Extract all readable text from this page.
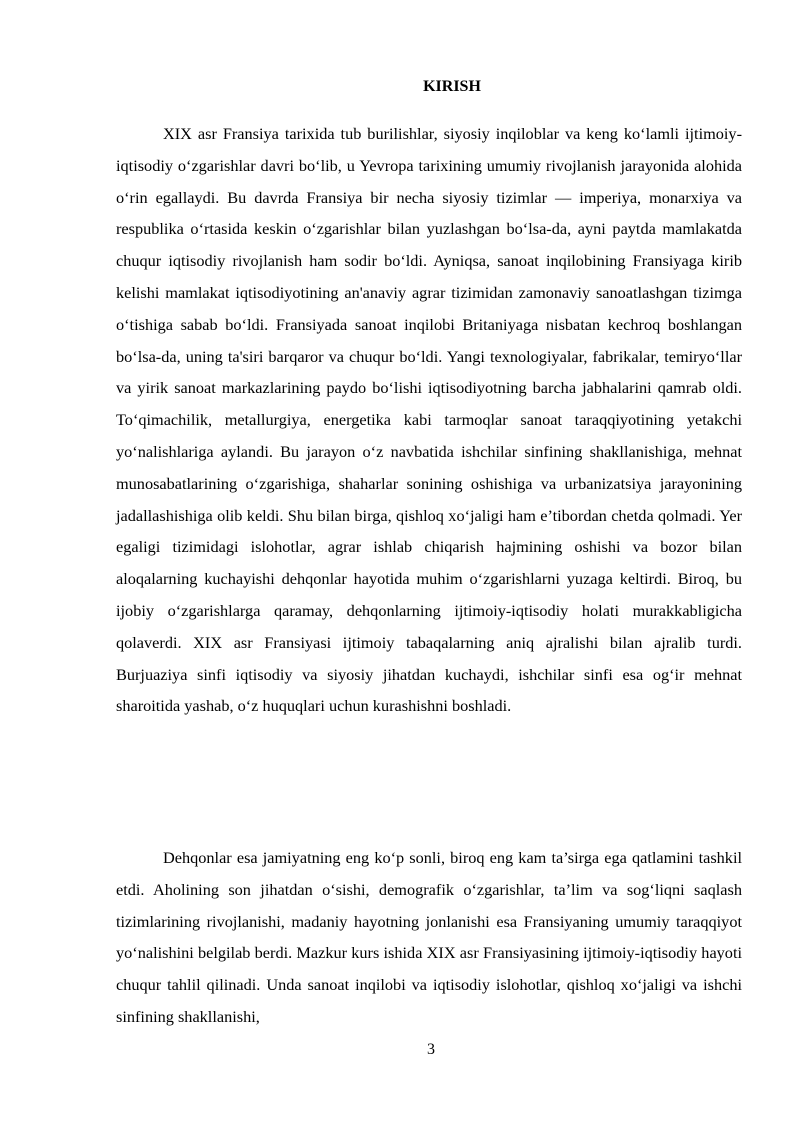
KIRISH

XIX asr Fransiya tarixida tub burilishlar, siyosiy inqiloblar va keng ko‘lamli ijtimoiy-iqtisodiy o‘zgarishlar davri bo‘lib, u Yevropa tarixining umumiy rivojlanish jarayonida alohida o‘rin egallaydi. Bu davrda Fransiya bir necha siyosiy tizimlar — imperiya, monarxiya va respublika o‘rtasida keskin o‘zgarishlar bilan yuzlashgan bo‘lsa-da, ayni paytda mamlakatda chuqur iqtisodiy rivojlanish ham sodir bo‘ldi. Ayniqsa, sanoat inqilobining Fransiyaga kirib kelishi mamlakat iqtisodiyotining an'anaviy agrar tizimidan zamonaviy sanoatlashgan tizimga o‘tishiga sabab bo‘ldi. Fransiyada sanoat inqilobi Britaniyaga nisbatan kechroq boshlangan bo‘lsa-da, uning ta'siri barqaror va chuqur bo‘ldi. Yangi texnologiyalar, fabrikalar, temiryo‘llar va yirik sanoat markazlarining paydo bo‘lishi iqtisodiyotning barcha jabhalarini qamrab oldi. To‘qimachilik, metallurgiya, energetika kabi tarmoqlar sanoat taraqqiyotining yetakchi yo‘nalishlariga aylandi. Bu jarayon o‘z navbatida ishchilar sinfining shakllanishiga, mehnat munosabatlarining o‘zgarishiga, shaharlar sonining oshishiga va urbanizatsiya jarayonining jadallashishiga olib keldi. Shu bilan birga, qishloq xo‘jaligi ham e’tibordan chetda qolmadi. Yer egaligi tizimidagi islohotlar, agrar ishlab chiqarish hajmining oshishi va bozor bilan aloqalarning kuchayishi dehqonlar hayotida muhim o‘zgarishlarni yuzaga keltirdi. Biroq, bu ijobiy o‘zgarishlarga qaramay, dehqonlarning ijtimoiy-iqtisodiy holati murakkabligicha qolaverdi. XIX asr Fransiyasi ijtimoiy tabaqalarning aniq ajralishi bilan ajralib turdi. Burjuaziya sinfi iqtisodiy va siyosiy jihatdan kuchaydi, ishchilar sinfi esa og‘ir mehnat sharoitida yashab, o‘z huquqlari uchun kurashishni boshladi.

Dehqonlar esa jamiyatning eng ko‘p sonli, biroq eng kam ta’sirga ega qatlamini tashkil etdi. Aholining son jihatdan o‘sishi, demografik o‘zgarishlar, ta’lim va sog‘liqni saqlash tizimlarining rivojlanishi, madaniy hayotning jonlanishi esa Fransiyaning umumiy taraqqiyot yo‘nalishini belgilab berdi. Mazkur kurs ishida XIX asr Fransiyasining ijtimoiy-iqtisodiy hayoti chuqur tahlil qilinadi. Unda sanoat inqilobi va iqtisodiy islohotlar, qishloq xo‘jaligi va ishchi sinfining shakllanishi,

3
